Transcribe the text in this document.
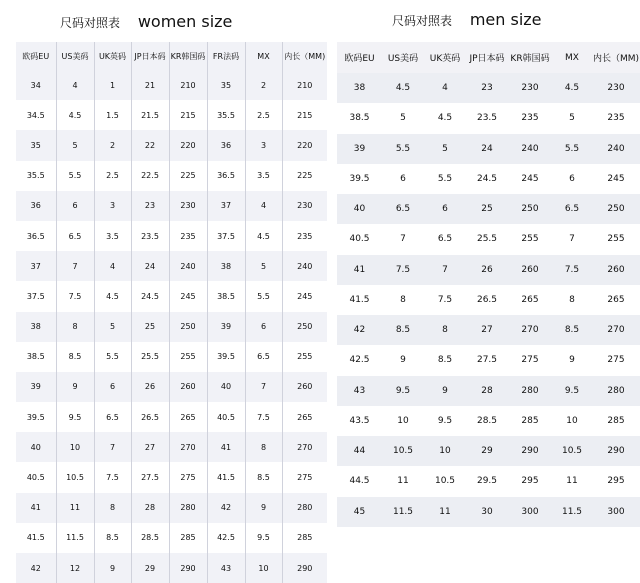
尺码对照表 women size	尺码对照表 men size
欧码EU	US美码	UK英码	JP日本码	KR韩国码	FR法码	MX	内长（MM)
34	4	1	21	210	35	2	210
34.5	4.5	1.5	21.5	215	35.5	2.5	215
35	5	2	22	220	36	3	220
35.5	5.5	2.5	22.5	225	36.5	3.5	225
36	6	3	23	230	37	4	230
36.5	6.5	3.5	23.5	235	37.5	4.5	235
37	7	4	24	240	38	5	240
37.5	7.5	4.5	24.5	245	38.5	5.5	245
38	8	5	25	250	39	6	250
38.5	8.5	5.5	25.5	255	39.5	6.5	255
39	9	6	26	260	40	7	260
39.5	9.5	6.5	26.5	265	40.5	7.5	265
40	10	7	27	270	41	8	270
40.5	10.5	7.5	27.5	275	41.5	8.5	275
41	11	8	28	280	42	9	280
41.5	11.5	8.5	28.5	285	42.5	9.5	285
42	12	9	29	290	43	10	290
欧码EU	US美码	UK英码	JP日本码	KR韩国码	MX	内长（MM)
38	4.5	4	23	230	4.5	230
38.5	5	4.5	23.5	235	5	235
39	5.5	5	24	240	5.5	240
39.5	6	5.5	24.5	245	6	245
40	6.5	6	25	250	6.5	250
40.5	7	6.5	25.5	255	7	255
41	7.5	7	26	260	7.5	260
41.5	8	7.5	26.5	265	8	265
42	8.5	8	27	270	8.5	270
42.5	9	8.5	27.5	275	9	275
43	9.5	9	28	280	9.5	280
43.5	10	9.5	28.5	285	10	285
44	10.5	10	29	290	10.5	290
44.5	11	10.5	29.5	295	11	295
45	11.5	11	30	300	11.5	300
